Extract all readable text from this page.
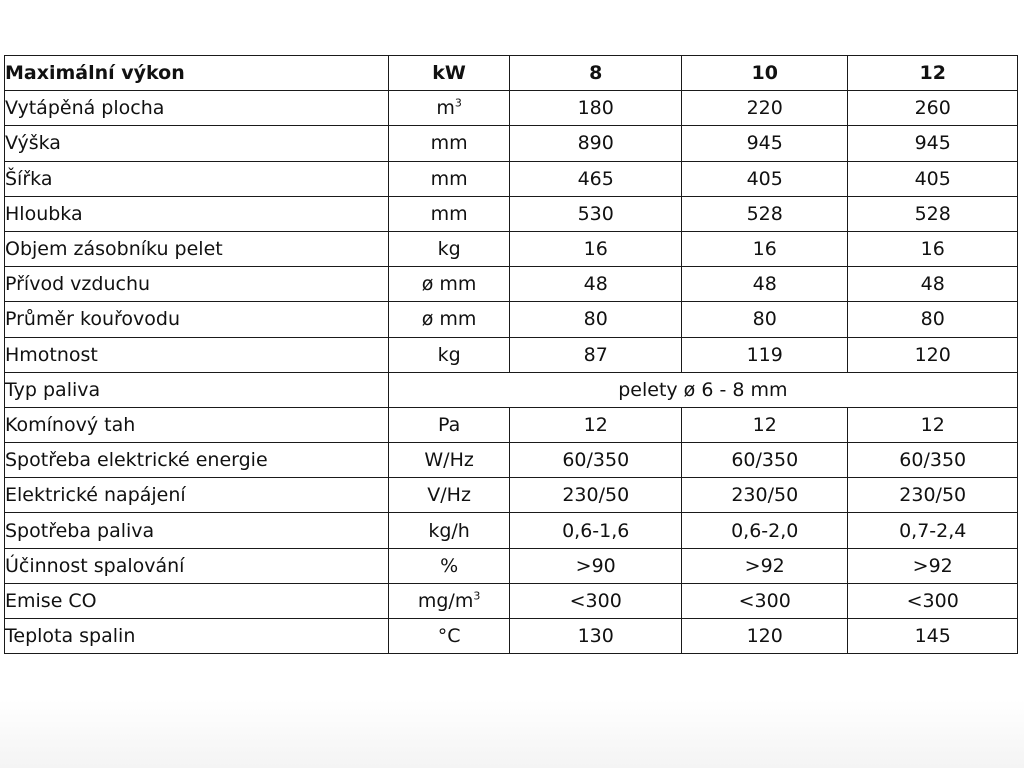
Maximální výkon	kW	8	10	12
Vytápěná plocha	$m^3$	180	220	260
Výška	mm	890	945	945
Šířka	mm	465	405	405
Hloubka	mm	530	528	528
Objem zásobníku pelet	kg	16	16	16
Přívod vzduchu	ø mm	48	48	48
Průměr kouřovodu	ø mm	80	80	80
Hmotnost	kg	87	119	120
Typ paliva	pelety ø 6 - 8 mm			
Komínový tah	Pa	12	12	12
Spotřeba elektrické energie	W/Hz	60/350	60/350	60/350
Elektrické napájení	V/Hz	230/50	230/50	230/50
Spotřeba paliva	kg/h	0,6-1,6	0,6-2,0	0,7-2,4
Účinnost spalování	%	>90	>92	>92
Emise CO	$mg/m^3$	<300	<300	<300
Teplota spalin	°C	130	120	145
